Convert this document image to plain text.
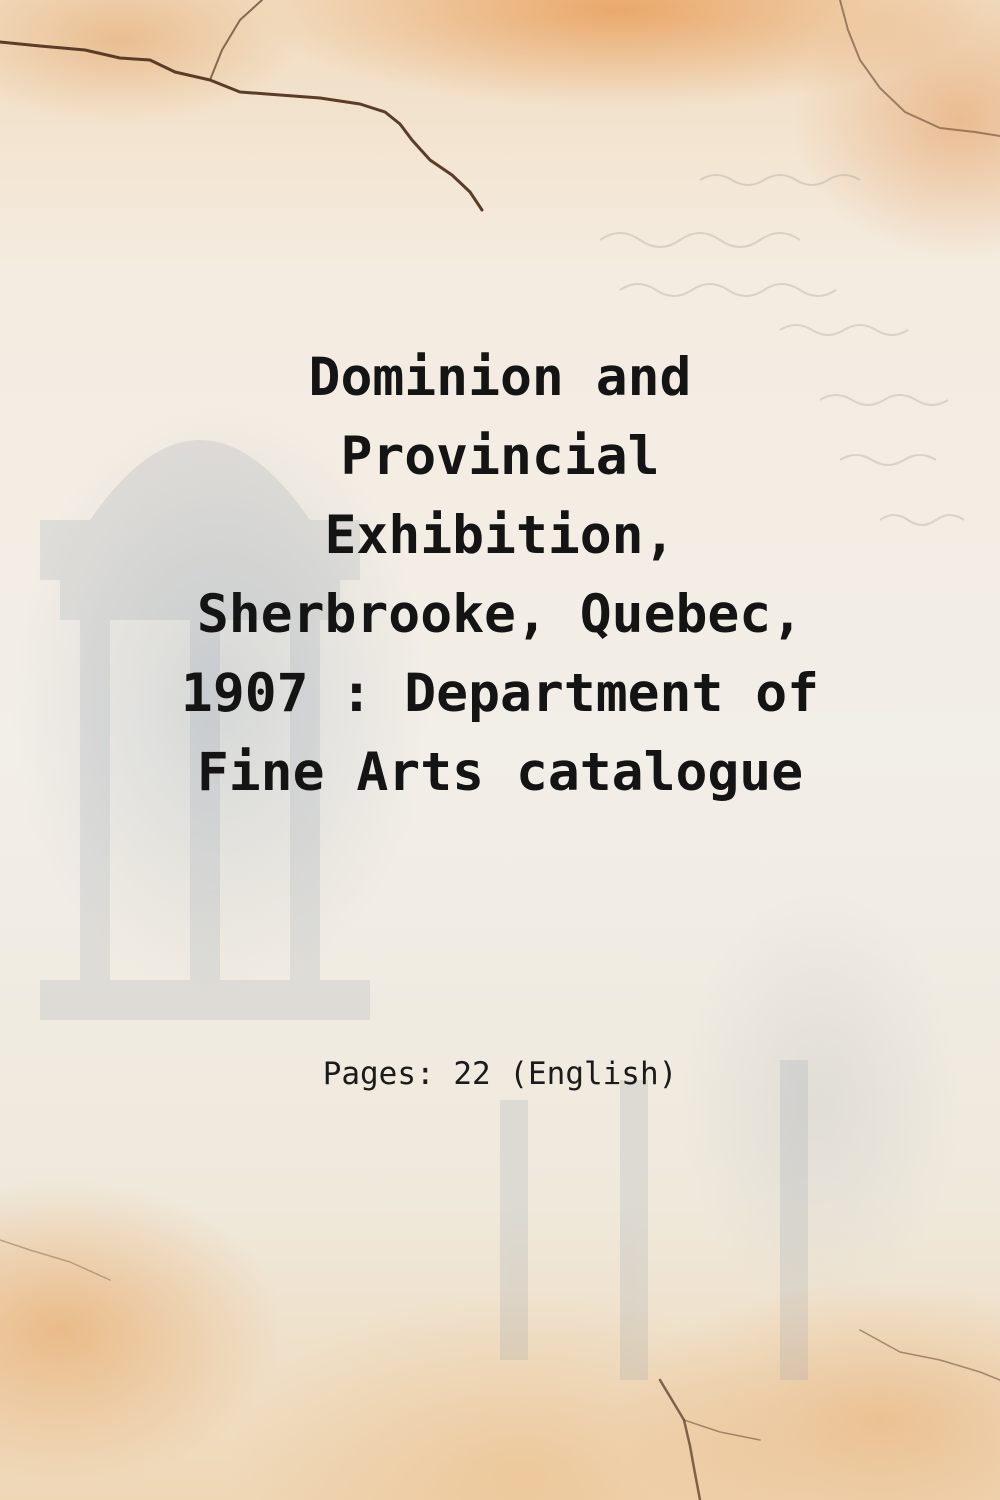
Dominion and
Provincial
Exhibition,
Sherbrooke, Quebec,
1907 : Department of
Fine Arts catalogue
Pages: 22 (English)
